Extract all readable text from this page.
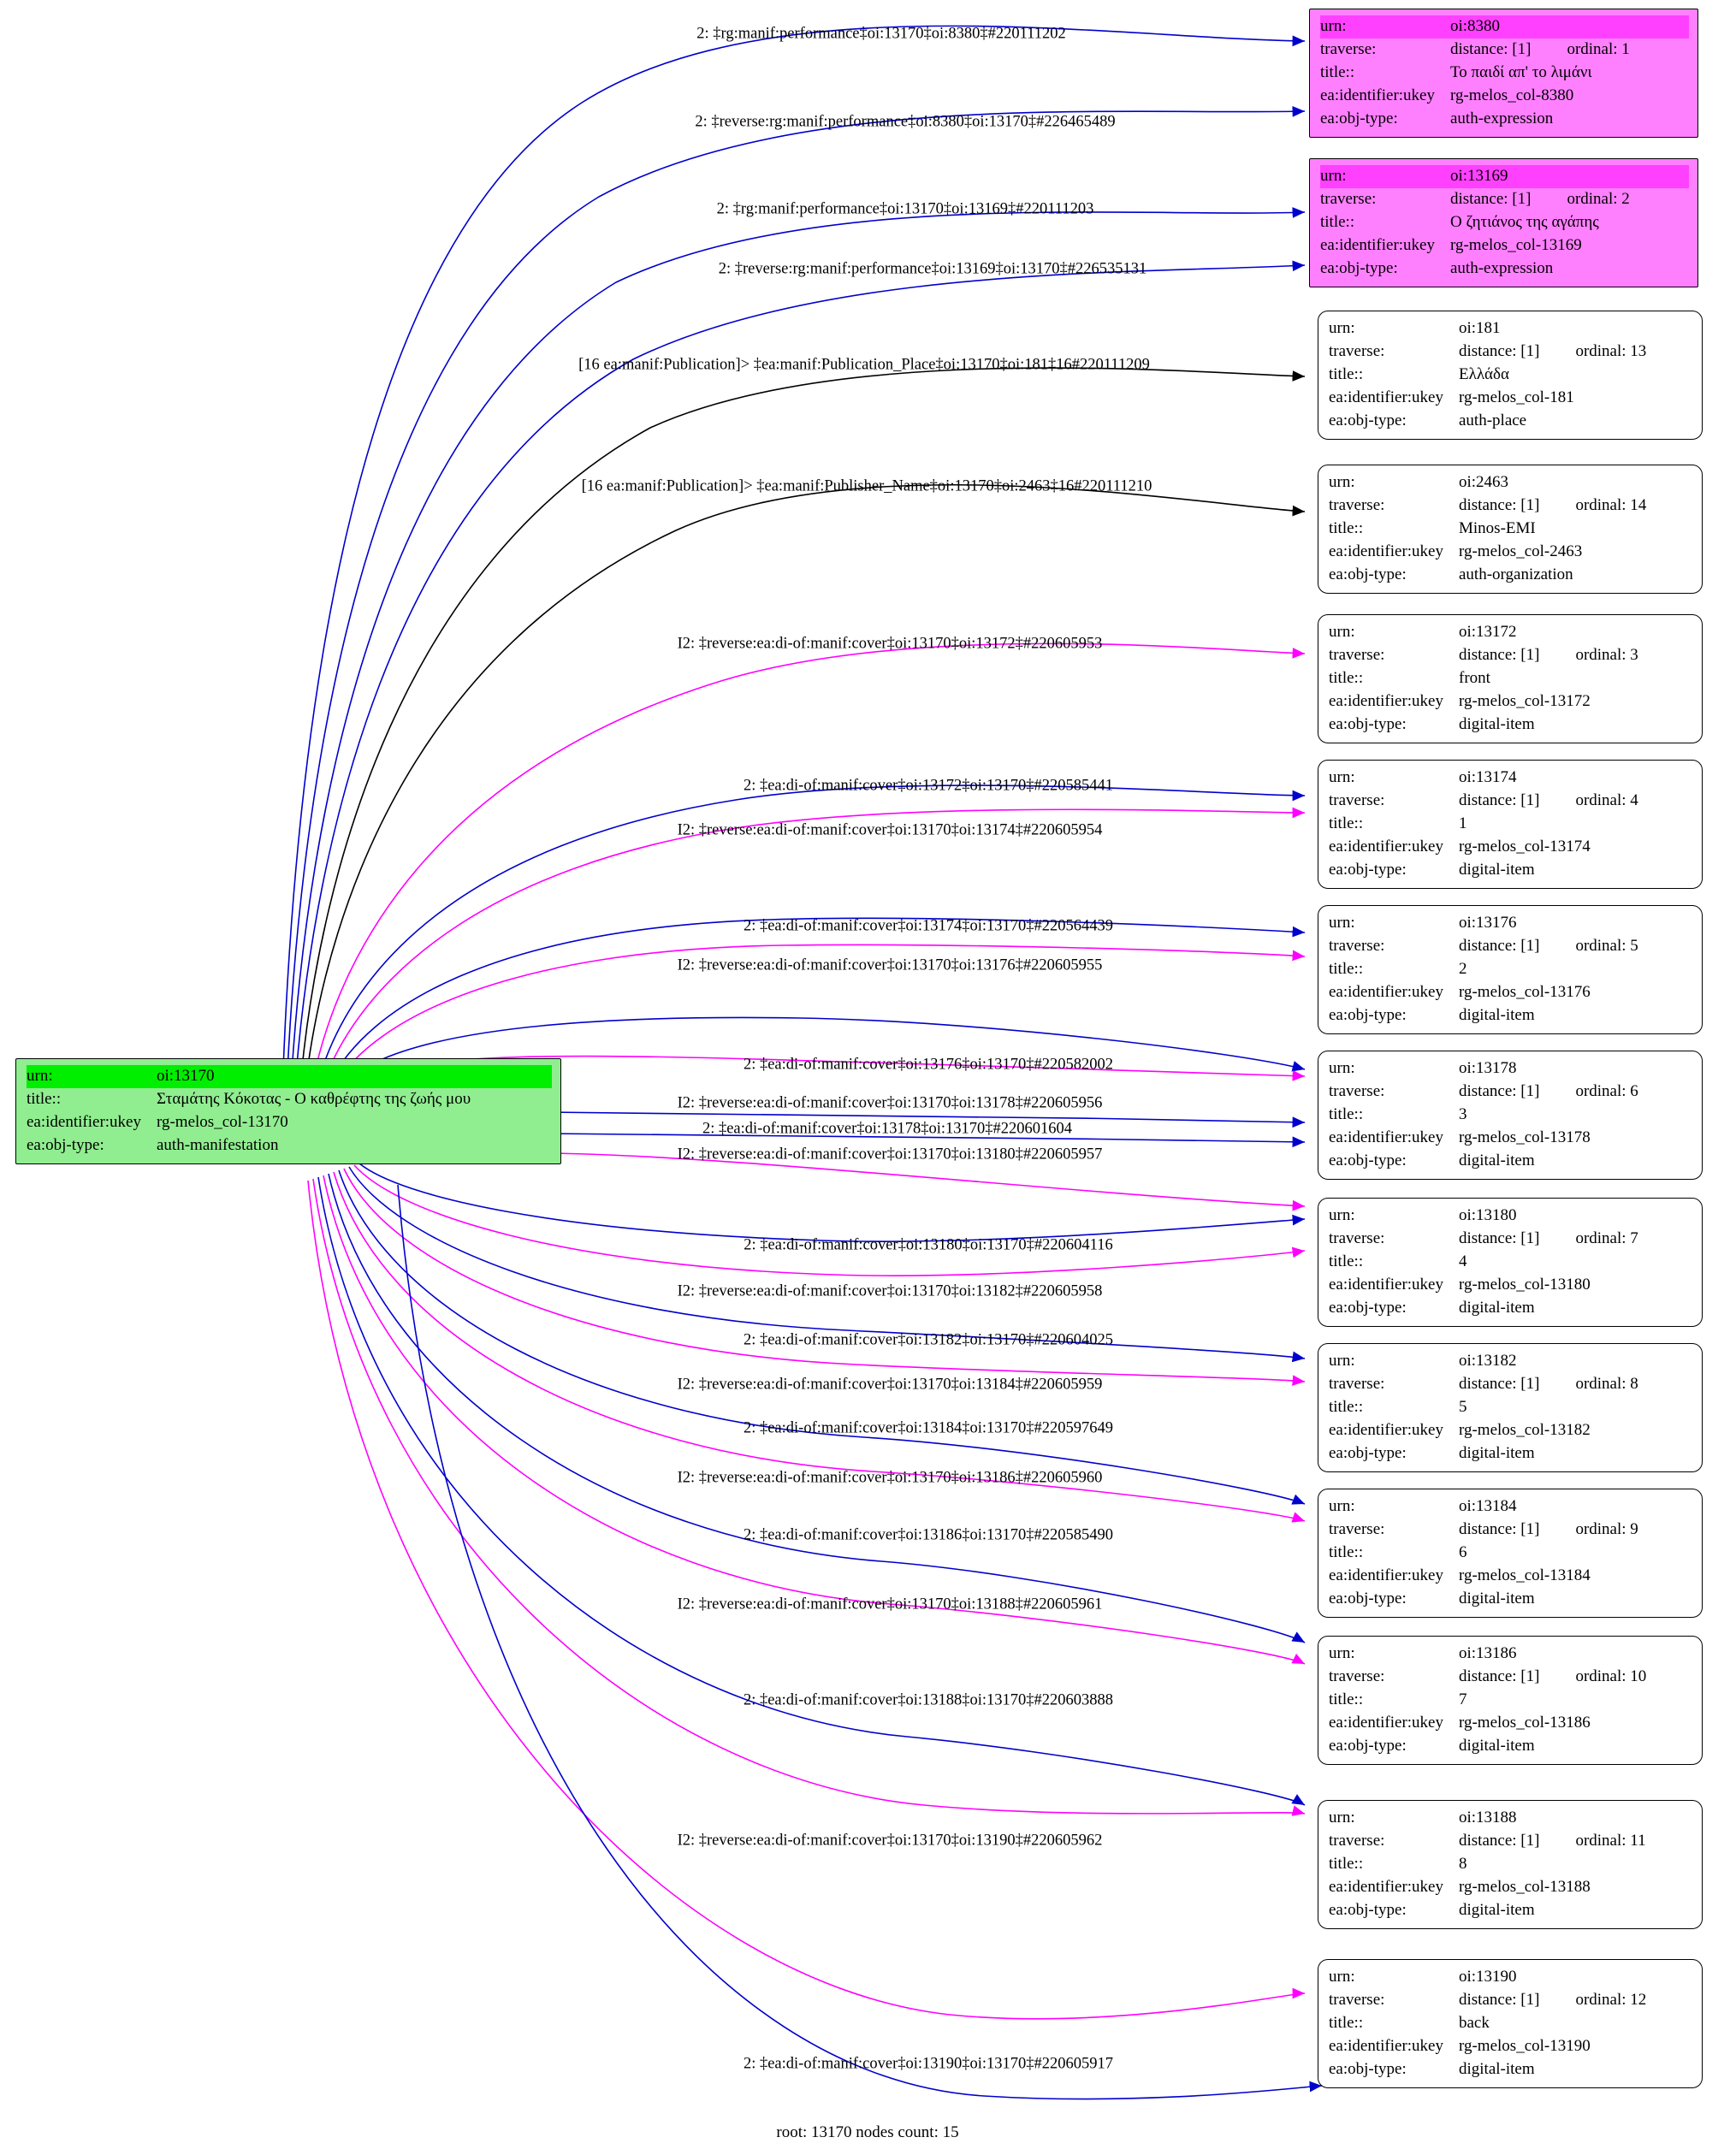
urn:	oi:13170
title::	Σταμάτης Κόκοτας - Ο καθρέφτης της ζωής μου
ea:identifier:ukey rg-melos_col-13170
ea:obj-type:	auth-manifestation
urn:	oi:8380
traverse:	distance: [1] ordinal: 1
title::	Το παιδί απ' το λιμάνι
ea:identifier:ukey rg-melos_col-8380
ea:obj-type:	auth-expression
urn:	oi:13169
traverse:	distance: [1] ordinal: 2
title::	Ο ζητιάνος της αγάπης
ea:identifier:ukey rg-melos_col-13169
ea:obj-type:	auth-expression
urn:	oi:181
traverse:	distance: [1] ordinal: 13
title::	Ελλάδα
ea:identifier:ukey rg-melos_col-181
ea:obj-type:	auth-place
urn:	oi:2463
traverse:	distance: [1] ordinal: 14
title::	Minos-EMI
ea:identifier:ukey rg-melos_col-2463
ea:obj-type:	auth-organization
urn:	oi:13172
traverse:	distance: [1] ordinal: 3
title::	front
ea:identifier:ukey rg-melos_col-13172
ea:obj-type:	digital-item
urn:	oi:13174
traverse:	distance: [1] ordinal: 4
title::	1
ea:identifier:ukey rg-melos_col-13174
ea:obj-type:	digital-item
urn:	oi:13176
traverse:	distance: [1] ordinal: 5
title::	2
ea:identifier:ukey rg-melos_col-13176
ea:obj-type:	digital-item
urn:	oi:13178
traverse:	distance: [1] ordinal: 6
title::	3
ea:identifier:ukey rg-melos_col-13178
ea:obj-type:	digital-item
urn:	oi:13180
traverse:	distance: [1] ordinal: 7
title::	4
ea:identifier:ukey rg-melos_col-13180
ea:obj-type:	digital-item
urn:	oi:13182
traverse:	distance: [1] ordinal: 8
title::	5
ea:identifier:ukey rg-melos_col-13182
ea:obj-type:	digital-item
urn:	oi:13184
traverse:	distance: [1] ordinal: 9
title::	6
ea:identifier:ukey rg-melos_col-13184
ea:obj-type:	digital-item
urn:	oi:13186
traverse:	distance: [1] ordinal: 10
title::	7
ea:identifier:ukey rg-melos_col-13186
ea:obj-type:	digital-item
urn:	oi:13188
traverse:	distance: [1] ordinal: 11
title::	8
ea:identifier:ukey rg-melos_col-13188
ea:obj-type:	digital-item
urn:	oi:13190
traverse:	distance: [1] ordinal: 12
title::	back
ea:identifier:ukey rg-melos_col-13190
ea:obj-type:	digital-item
2: ‡rg:manif:performance‡oi:13170‡oi:8380‡#220111202
2: ‡reverse:rg:manif:performance‡oi:8380‡oi:13170‡#226465489
2: ‡rg:manif:performance‡oi:13170‡oi:13169‡#220111203
2: ‡reverse:rg:manif:performance‡oi:13169‡oi:13170‡#226535131
[16 ea:manif:Publication]> ‡ea:manif:Publication_Place‡oi:13170‡oi:181‡16#220111209
[16 ea:manif:Publication]> ‡ea:manif:Publisher_Name‡oi:13170‡oi:2463‡16#220111210
I2: ‡reverse:ea:di-of:manif:cover‡oi:13170‡oi:13172‡#220605953
2: ‡ea:di-of:manif:cover‡oi:13172‡oi:13170‡#220585441
I2: ‡reverse:ea:di-of:manif:cover‡oi:13170‡oi:13174‡#220605954
2: ‡ea:di-of:manif:cover‡oi:13174‡oi:13170‡#220564439
I2: ‡reverse:ea:di-of:manif:cover‡oi:13170‡oi:13176‡#220605955
2: ‡ea:di-of:manif:cover‡oi:13176‡oi:13170‡#220582002
I2: ‡reverse:ea:di-of:manif:cover‡oi:13170‡oi:13178‡#220605956
2: ‡ea:di-of:manif:cover‡oi:13178‡oi:13170‡#220601604
I2: ‡reverse:ea:di-of:manif:cover‡oi:13170‡oi:13180‡#220605957
2: ‡ea:di-of:manif:cover‡oi:13180‡oi:13170‡#220604116
I2: ‡reverse:ea:di-of:manif:cover‡oi:13170‡oi:13182‡#220605958
2: ‡ea:di-of:manif:cover‡oi:13182‡oi:13170‡#220604025
I2: ‡reverse:ea:di-of:manif:cover‡oi:13170‡oi:13184‡#220605959
2: ‡ea:di-of:manif:cover‡oi:13184‡oi:13170‡#220597649
I2: ‡reverse:ea:di-of:manif:cover‡oi:13170‡oi:13186‡#220605960
2: ‡ea:di-of:manif:cover‡oi:13186‡oi:13170‡#220585490
I2: ‡reverse:ea:di-of:manif:cover‡oi:13170‡oi:13188‡#220605961
2: ‡ea:di-of:manif:cover‡oi:13188‡oi:13170‡#220603888
I2: ‡reverse:ea:di-of:manif:cover‡oi:13170‡oi:13190‡#220605962
2: ‡ea:di-of:manif:cover‡oi:13190‡oi:13170‡#220605917
root: 13170 nodes count: 15
